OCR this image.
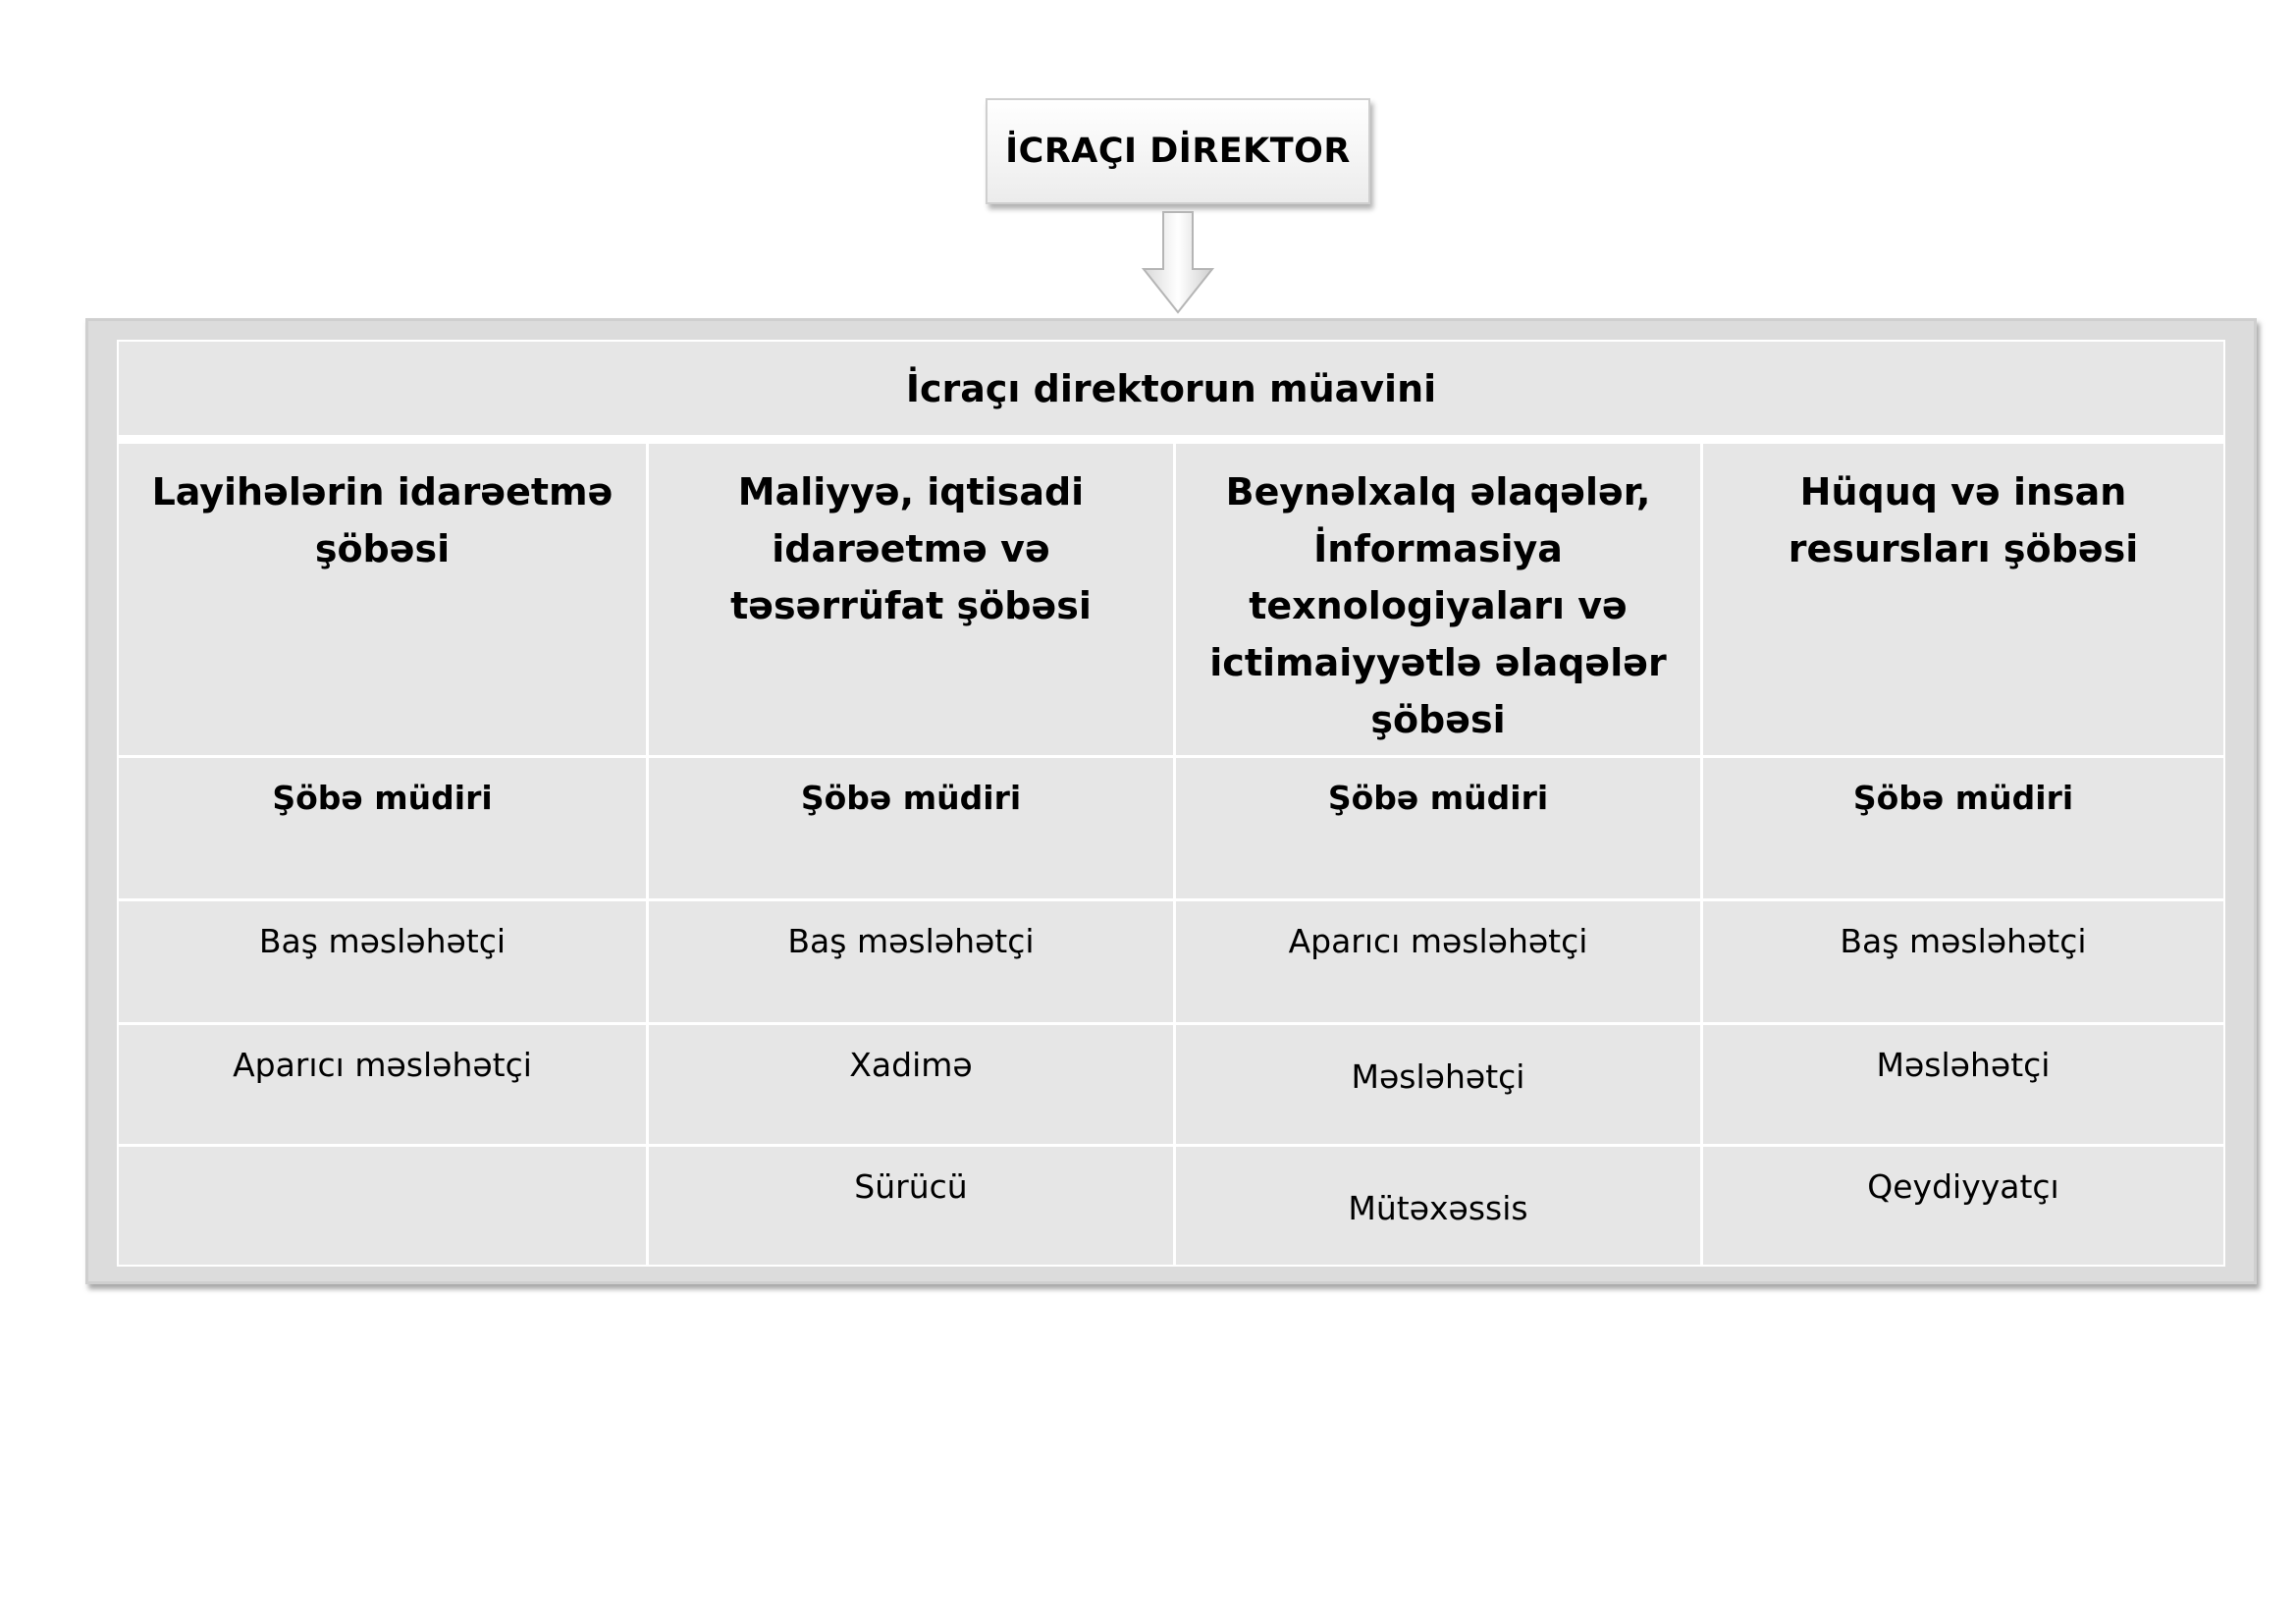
İCRAÇI DİREKTOR
İcraçı direktorun müavini
Layihələrin idarəetmə şöbəsi
Şöbə müdiri
Baş məsləhətçi
Aparıcı məsləhətçi
Maliyyə, iqtisadi idarəetmə və təsərrüfat şöbəsi
Şöbə müdiri
Baş məsləhətçi
Xadimə
Sürücü
Beynəlxalq əlaqələr, İnformasiya texnologiyaları və ictimaiyyətlə əlaqələr şöbəsi
Şöbə müdiri
Aparıcı məsləhətçi
Məsləhətçi
Mütəxəssis
Hüquq və insan resursları şöbəsi
Şöbə müdiri
Baş məsləhətçi
Məsləhətçi
Qeydiyyatçı
